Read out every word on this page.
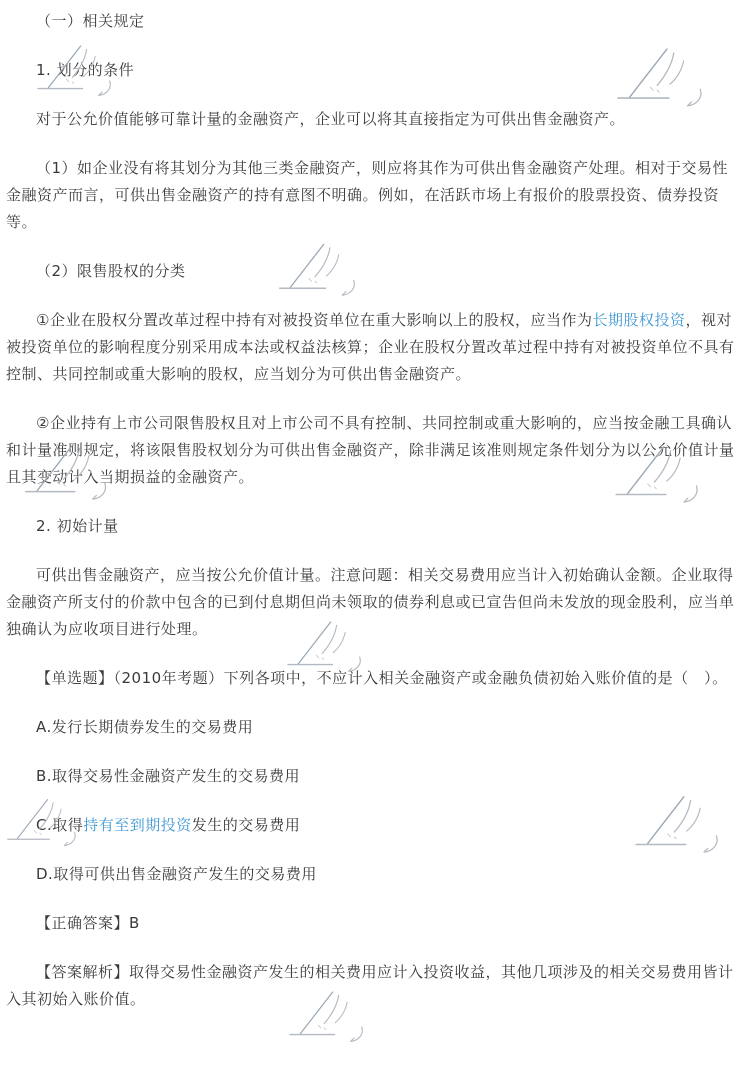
（一）相关规定

1. 划分的条件

对于公允价值能够可靠计量的金融资产，企业可以将其直接指定为可供出售金融资产。

（1）如企业没有将其划分为其他三类金融资产，则应将其作为可供出售金融资产处理。相对于交易性金融资产而言，可供出售金融资产的持有意图不明确。例如，在活跃市场上有报价的股票投资、债券投资等。

（2）限售股权的分类

①企业在股权分置改革过程中持有对被投资单位在重大影响以上的股权，应当作为长期股权投资，视对被投资单位的影响程度分别采用成本法或权益法核算；企业在股权分置改革过程中持有对被投资单位不具有控制、共同控制或重大影响的股权，应当划分为可供出售金融资产。

②企业持有上市公司限售股权且对上市公司不具有控制、共同控制或重大影响的，应当按金融工具确认和计量准则规定，将该限售股权划分为可供出售金融资产，除非满足该准则规定条件划分为以公允价值计量且其变动计入当期损益的金融资产。

2. 初始计量

可供出售金融资产，应当按公允价值计量。注意问题：相关交易费用应当计入初始确认金额。企业取得金融资产所支付的价款中包含的已到付息期但尚未领取的债券利息或已宣告但尚未发放的现金股利，应当单独确认为应收项目进行处理。

【单选题】（2010年考题）下列各项中，不应计入相关金融资产或金融负债初始入账价值的是（　）。

A.发行长期债券发生的交易费用

B.取得交易性金融资产发生的交易费用

C.取得持有至到期投资发生的交易费用

D.取得可供出售金融资产发生的交易费用

【正确答案】B

【答案解析】取得交易性金融资产发生的相关费用应计入投资收益，其他几项涉及的相关交易费用皆计入其初始入账价值。
